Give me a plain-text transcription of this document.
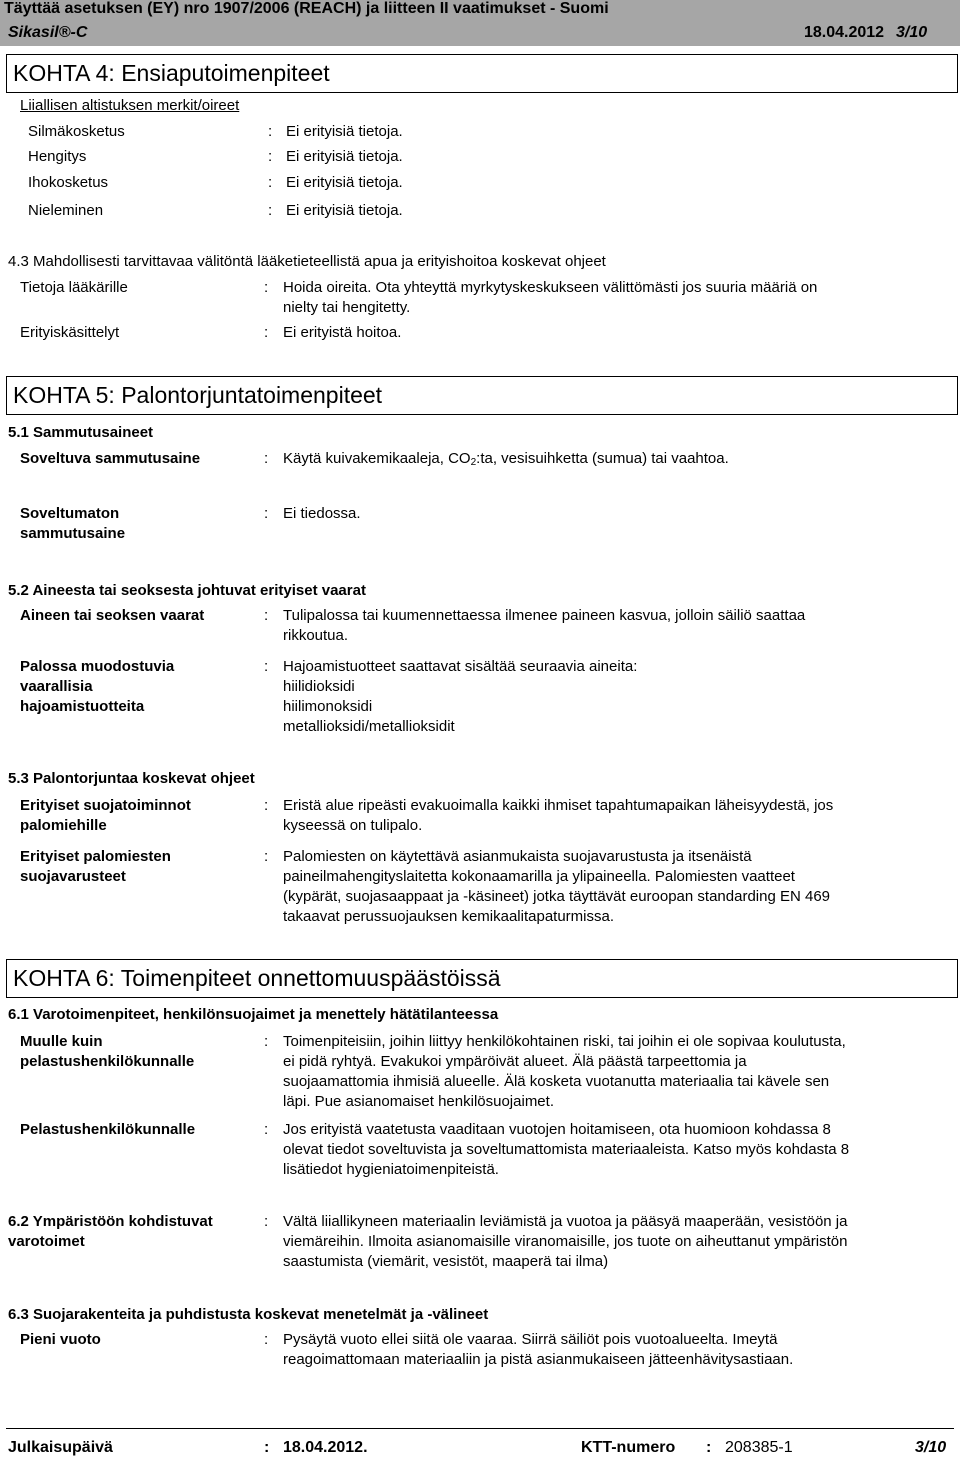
Täyttää asetuksen (EY) nro 1907/2006 (REACH) ja liitteen II vaatimukset - Suomi
Sikasil®-C	18.04.2012 3/10
KOHTA 4: Ensiaputoimenpiteet
Liiallisen altistuksen merkit/oireet
Silmäkosketus	: Ei erityisiä tietoja.
Hengitys	: Ei erityisiä tietoja.
Ihokosketus	: Ei erityisiä tietoja.
Nieleminen	: Ei erityisiä tietoja.
4.3 Mahdollisesti tarvittavaa välitöntä lääketieteellistä apua ja erityishoitoa koskevat ohjeet
Tietoja lääkärille	: Hoida oireita. Ota yhteyttä myrkytyskeskukseen välittömästi jos suuria määriä on
nielty tai hengitetty.
Erityiskäsittelyt	: Ei erityistä hoitoa.
KOHTA 5: Palontorjuntatoimenpiteet
5.1 Sammutusaineet
Soveltuva sammutusaine	: Käytä kuivakemikaaleja, $CO_2:ta$, vesisuihketta (sumua) tai vaahtoa.
Soveltumaton
sammutusaine
: Ei tiedossa.
5.2 Aineesta tai seoksesta johtuvat erityiset vaarat
Aineen tai seoksen vaarat	: Tulipalossa tai kuumennettaessa ilmenee paineen kasvua, jolloin säiliö saattaa
rikkoutua.
Palossa muodostuvia
vaarallisia
hajoamistuotteita
: Hajoamistuotteet saattavat sisältää seuraavia aineita:
hiilidioksidi
hiilimonoksidi
metallioksidi/metallioksidit
5.3 Palontorjuntaa koskevat ohjeet
Erityiset suojatoiminnot
palomiehille
: Eristä alue ripeästi evakuoimalla kaikki ihmiset tapahtumapaikan läheisyydestä, jos
kyseessä on tulipalo.
Erityiset palomiesten
suojavarusteet
: Palomiesten on käytettävä asianmukaista suojavarustusta ja itsenäistä
paineilmahengityslaitetta kokonaamarilla ja ylipaineella. Palomiesten vaatteet
(kypärät, suojasaappaat ja -käsineet) jotka täyttävät euroopan standarding EN 469
takaavat perussuojauksen kemikaalitapaturmissa.
KOHTA 6: Toimenpiteet onnettomuuspäästöissä
6.1 Varotoimenpiteet, henkilönsuojaimet ja menettely hätätilanteessa
Muulle kuin
pelastushenkilökunnalle
: Toimenpiteisiin, joihin liittyy henkilökohtainen riski, tai joihin ei ole sopivaa koulutusta,
ei pidä ryhtyä. Evakukoi ympäröivät alueet. Älä päästä tarpeettomia ja
suojaamattomia ihmisiä alueelle. Älä kosketa vuotanutta materiaalia tai kävele sen
läpi. Pue asianomaiset henkilösuojaimet.
Pelastushenkilökunnalle	: Jos erityistä vaatetusta vaaditaan vuotojen hoitamiseen, ota huomioon kohdassa 8
olevat tiedot soveltuvista ja soveltumattomista materiaaleista. Katso myös kohdasta 8
lisätiedot hygieniatoimenpiteistä.
6.2 Ympäristöön kohdistuvat
varotoimet
: Vältä liiallikyneen materiaalin leviämistä ja vuotoa ja pääsyä maaperään, vesistöön ja
viemäreihin. Ilmoita asianomaisille viranomaisille, jos tuote on aiheuttanut ympäristön
saastumista (viemärit, vesistöt, maaperä tai ilma)
6.3 Suojarakenteita ja puhdistusta koskevat menetelmät ja -välineet
Pieni vuoto	: Pysäytä vuoto ellei siitä ole vaaraa. Siirrä säiliöt pois vuotoalueelta. Imeytä
reagoimattomaan materiaaliin ja pistä asianmukaiseen jätteenhävitysastiaan.
Julkaisupäivä	: 18.04.2012.	KTT-numero : 208385-1	3/10
